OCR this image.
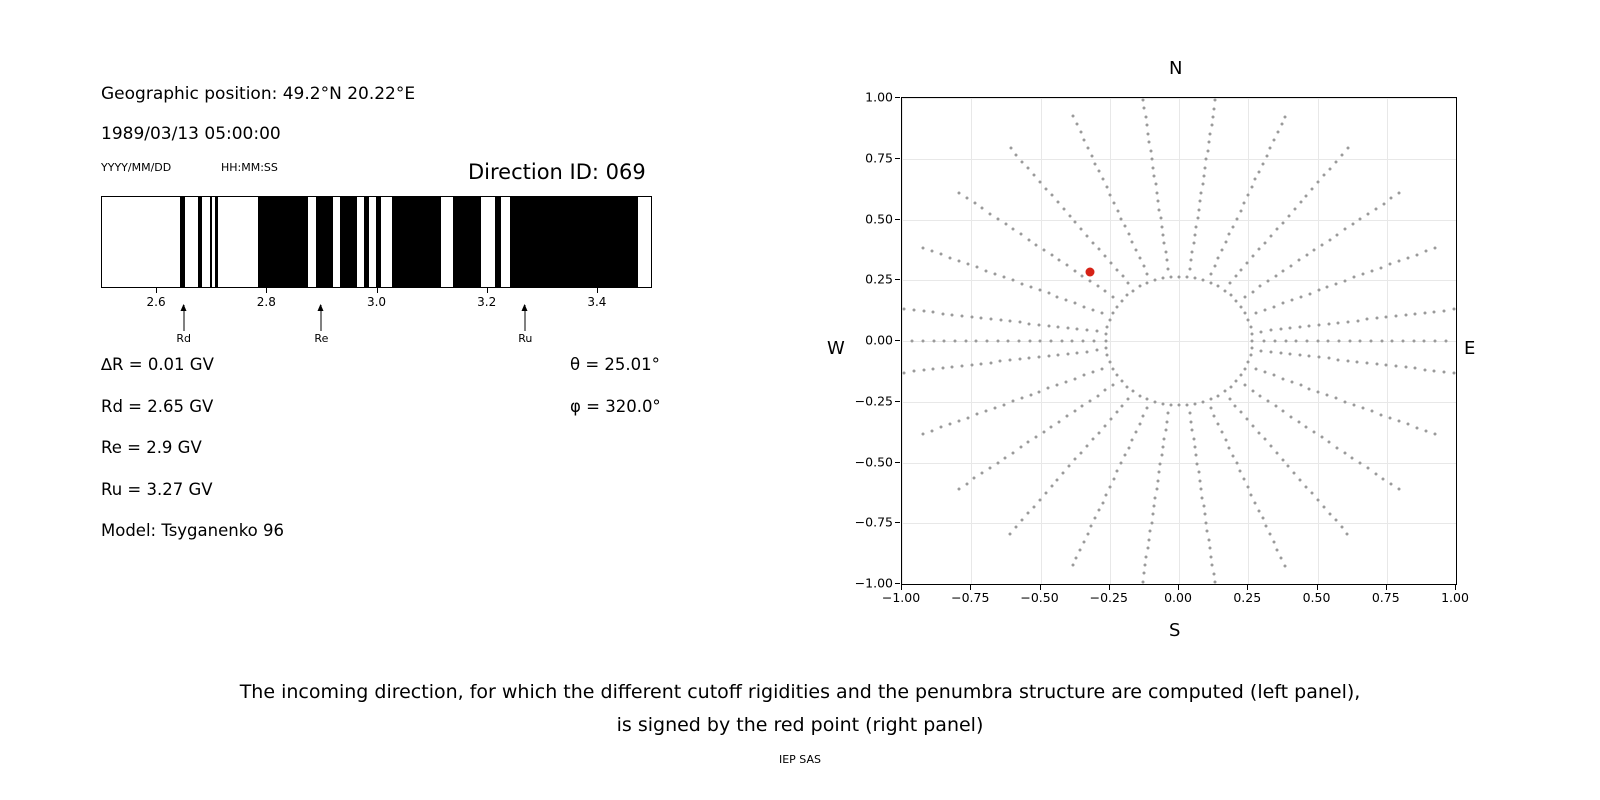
Geographic position: 49.2°N 20.22°E
1989/03/13 05:00:00
YYYY/MM/DD	HH:MM:SS	Direction ID: 069
2.6	2.8	3.0	3.2	3.4
∆R = 0.01 GV
Rd = 2.65 GV
Re = 2.9 GV
Ru = 3.27 GV
Model: Tsyganenko 96
θ = 25.01°
φ = 320.0°
Rd	Re	Ru
N
E
W
S
−1.00
−0.75
−0.50
−0.25
0.00
0.25
0.50
0.75
1.00
−1.00 −0.75 −0.50 −0.25	0.00	0.25	0.50	0.75	1.00
The incoming direction, for which the different cutoff rigidities and the penumbra structure are computed (left panel),
is signed by the red point (right panel)
IEP SAS
